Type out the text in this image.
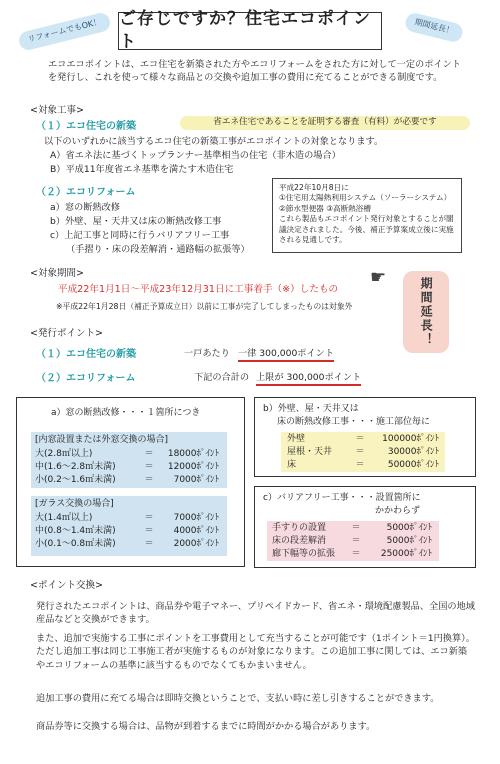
リフォームでもOK！	期間延長！
ご存じですか？住宅エコポイント
エコエコポイントは、エコ住宅を新築された方やエコリフォームをされた方に対して一定のポイントを発行し、これを使って様々な商品との交換や追加工事の費用に充てることができる制度です。
<対象工事>
（１）エコ住宅の新築	省エネ住宅であることを証明する審査（有料）が必要です
以下のいずれかに該当するエコ住宅の新築工事がエコポイントの対象となります。
A）省エネ法に基づくトップランナー基準相当の住宅（非木造の場合）
B）平成11年度省エネ基準を満たす木造住宅
（２）エコリフォーム
a）窓の断熱改修
b）外壁、屋・天井又は床の断熱改修工事
c）上記工事と同時に行うバリアフリー工事
（手摺り・床の段差解消・通路幅の拡張等）
平成22年10月8日に
①住宅用太陽熱利用システム（ソーラーシステム）②節水型便器 ③高断熱浴槽
これら製品もエコポイント発行対象とすることが閣議決定されました。今後、補正予算案成立後に実施される見通しです。
<対象期間>
平成22年1月1日～平成23年12月31日に工事着手（※）したもの
※平成22年1月28日（補正予算成立日）以前に工事が完了してしまったものは対象外
☛	期間延長！
<発行ポイント>
（１）エコ住宅の新築	一戸あたり 一律 300,000ポイント
（２）エコリフォーム	下記の合計の 上限が 300,000ポイント
a）窓の断熱改修・・・１箇所につき
[内窓設置または外窓交換の場合]
大(2.8㎡以上)	＝	18000ﾎﾟｲﾝﾄ
中(1.6～2.8㎡未満)	＝	12000ﾎﾟｲﾝﾄ
小(0.2～1.6㎡未満)	＝	7000ﾎﾟｲﾝﾄ
[ガラス交換の場合]
大(1.4㎡以上)	＝	7000ﾎﾟｲﾝﾄ
中(0.8～1.4㎡未満)	＝	4000ﾎﾟｲﾝﾄ
小(0.1～0.8㎡未満)	＝	2000ﾎﾟｲﾝﾄ
b）外壁、屋・天井又は
床の断熱改修工事・・・施工部位毎に
外壁	＝	100000ﾎﾟｲﾝﾄ
屋根・天井	＝	30000ﾎﾟｲﾝﾄ
床	＝	50000ﾎﾟｲﾝﾄ
c）バリアフリー工事・・・設置箇所に
かかわらず
手すりの設置	＝	5000ﾎﾟｲﾝﾄ
床の段差解消	＝	5000ﾎﾟｲﾝﾄ
廊下幅等の拡張	＝	25000ﾎﾟｲﾝﾄ
<ポイント交換>
発行されたエコポイントは、商品券や電子マネー、プリペイドカード、省エネ・環境配慮製品、全国の地域産品などと交換ができます。
また、追加で実施する工事にポイントを工事費用として充当することが可能です（1ポイント＝1円換算）。ただし追加工事は同じ工事施工者が実施するものが対象になります。この追加工事に関しては、エコ新築やエコリフォームの基準に該当するものでなくてもかまいません。
追加工事の費用に充てる場合は即時交換ということで、支払い時に差し引きすることができます。
商品券等に交換する場合は、品物が到着するまでに時間がかかる場合があります。
